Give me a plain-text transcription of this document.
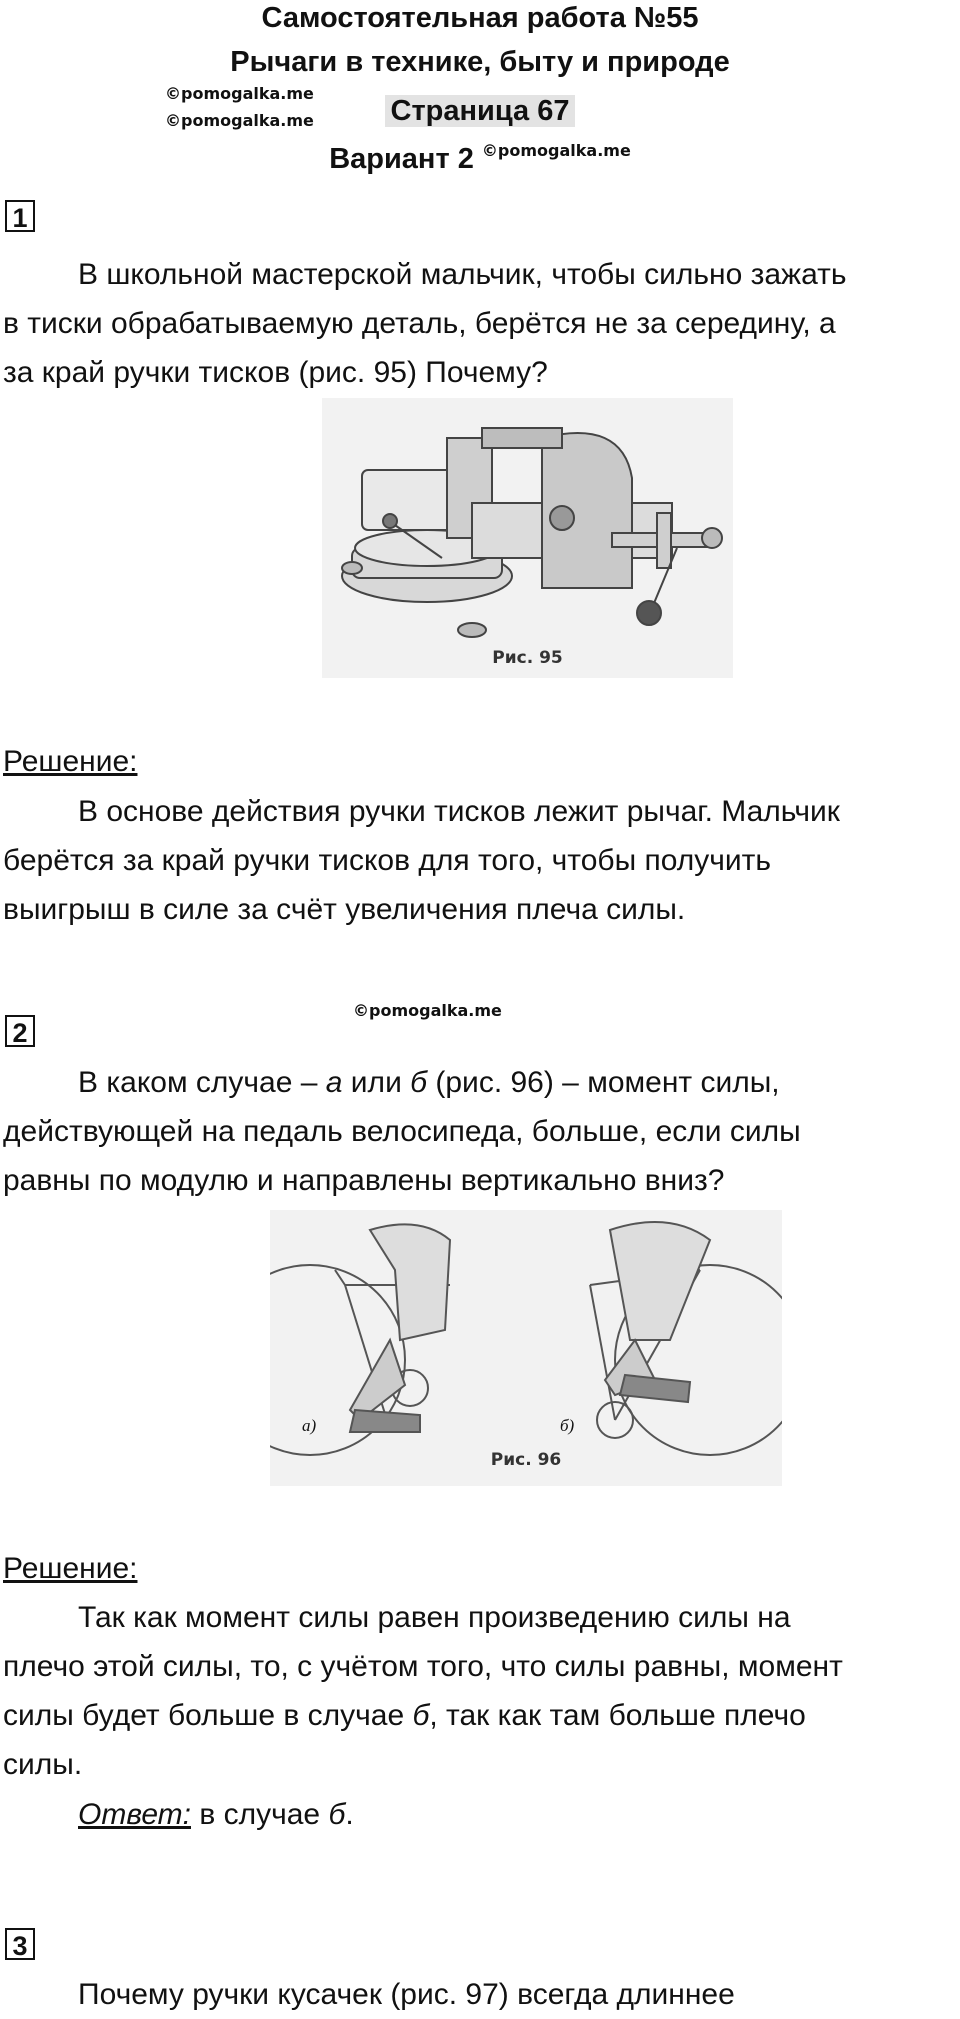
Самостоятельная работа №55
Рычаги в технике, быту и природе
Страница 67
Вариант 2 $^{©pomogalka.me}$
©pomogalka.me
©pomogalka.me
1
В школьной мастерской мальчик, чтобы сильно зажать
в тиски обрабатываемую деталь, берётся не за середину, а
за край ручки тисков (рис. 95) Почему?
Рис. 95
Решение:
В основе действия ручки тисков лежит рычаг. Мальчик
берётся за край ручки тисков для того, чтобы получить
выигрыш в силе за счёт увеличения плеча силы.
©pomogalka.me
2
В каком случае – а или б (рис. 96) – момент силы,
действующей на педаль велосипеда, больше, если силы
равны по модулю и направлены вертикально вниз?
а)	б)
Рис. 96
Решение:
Так как момент силы равен произведению силы на
плечо этой силы, то, с учётом того, что силы равны, момент
силы будет больше в случае б, так как там больше плечо
силы.
Ответ: в случае б.
3
Почему ручки кусачек (рис. 97) всегда длиннее
